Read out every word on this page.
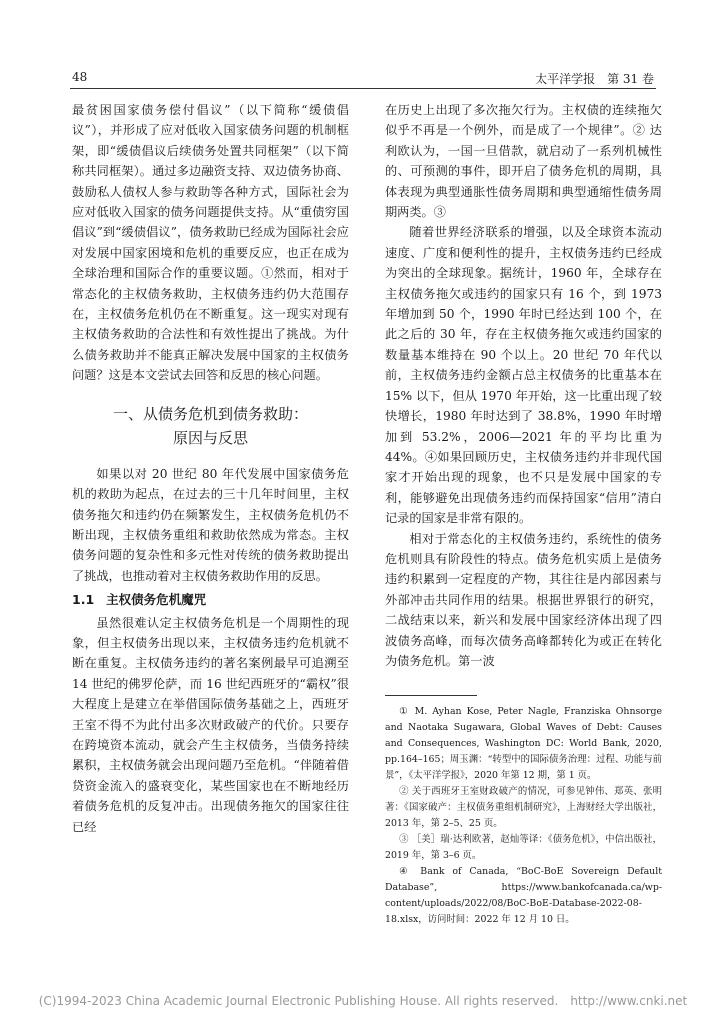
48	太平洋学报　第 31 卷

最贫困国家债务偿付倡议”（以下简称“缓债倡议”），并形成了应对低收入国家债务问题的机制框架，即“缓债倡议后续债务处置共同框架”（以下简称共同框架）。通过多边融资支持、双边债务协商、鼓励私人债权人参与救助等各种方式，国际社会为应对低收入国家的债务问题提供支持。从“重债穷国倡议”到“缓债倡议”，债务救助已经成为国际社会应对发展中国家困境和危机的重要反应，也正在成为全球治理和国际合作的重要议题。①然而，相对于常态化的主权债务救助，主权债务违约仍大范围存在，主权债务危机仍在不断重复。这一现实对现有主权债务救助的合法性和有效性提出了挑战。为什么债务救助并不能真正解决发展中国家的主权债务问题？这是本文尝试去回答和反思的核心问题。

一、从债务危机到债务救助：
原因与反思

如果以对 20 世纪 80 年代发展中国家债务危机的救助为起点，在过去的三十几年时间里，主权债务拖欠和违约仍在频繁发生，主权债务危机仍不断出现，主权债务重组和救助依然成为常态。主权债务问题的复杂性和多元性对传统的债务救助提出了挑战，也推动着对主权债务救助作用的反思。

1.1 主权债务危机魔咒

虽然很难认定主权债务危机是一个周期性的现象，但主权债务出现以来，主权债务违约危机就不断在重复。主权债务违约的著名案例最早可追溯至 14 世纪的佛罗伦萨，而 16 世纪西班牙的“霸权”很大程度上是建立在举借国际债务基础之上，西班牙王室不得不为此付出多次财政破产的代价。只要存在跨境资本流动，就会产生主权债务，当债务持续累积，主权债务就会出现问题乃至危机。“伴随着借贷资金流入的盛衰变化，某些国家也在不断地经历着债务危机的反复冲击。出现债务拖欠的国家往往已经

在历史上出现了多次拖欠行为。主权债的连续拖欠似乎不再是一个例外，而是成了一个规律”。② 达利欧认为，一国一旦借款，就启动了一系列机械性的、可预测的事件，即开启了债务危机的周期，具体表现为典型通胀性债务周期和典型通缩性债务周期两类。③

随着世界经济联系的增强，以及全球资本流动速度、广度和便利性的提升，主权债务违约已经成为突出的全球现象。据统计，1960 年，全球存在主权债务拖欠或违约的国家只有 16 个，到 1973 年增加到 50 个，1990 年时已经达到 100 个，在此之后的 30 年，存在主权债务拖欠或违约国家的数量基本维持在 90 个以上。20 世纪 70 年代以前，主权债务违约金额占总主权债务的比重基本在 15% 以下，但从 1970 年开始，这一比重出现了较快增长，1980 年时达到了 38.8%，1990 年时增加到 53.2%，2006—2021 年的平均比重为 44%。④如果回顾历史，主权债务违约并非现代国家才开始出现的现象，也不只是发展中国家的专利，能够避免出现债务违约而保持国家“信用”清白记录的国家是非常有限的。

相对于常态化的主权债务违约，系统性的债务危机则具有阶段性的特点。债务危机实质上是债务违约积累到一定程度的产物，其往往是内部因素与外部冲击共同作用的结果。根据世界银行的研究，二战结束以来，新兴和发展中国家经济体出现了四波债务高峰，而每次债务高峰都转化为或正在转化为债务危机。第一波

① M. Ayhan Kose, Peter Nagle, Franziska Ohnsorge and Naotaka Sugawara, Global Waves of Debt: Causes and Consequences, Washington DC: World Bank, 2020, pp.164–165；周玉渊：“转型中的国际债务治理：过程、功能与前景”，《太平洋学报》，2020 年第 12 期，第 1 页。

② 关于西班牙王室财政破产的情况，可参见钟伟、郑英、张明著：《国家破产：主权债务重组机制研究》，上海财经大学出版社，2013 年，第 2–5、25 页。

③ ［美］瑞·达利欧著，赵灿等译：《债务危机》，中信出版社，2019 年，第 3–6 页。

④ Bank of Canada, “BoC-BoE Sovereign Default Database”, https://www.bankofcanada.ca/wp-content/uploads/2022/08/BoC-BoE-Database-2022-08-18.xlsx，访问时间：2022 年 12 月 10 日。

(C)1994-2023 China Academic Journal Electronic Publishing House. All rights reserved.　http://www.cnki.net
